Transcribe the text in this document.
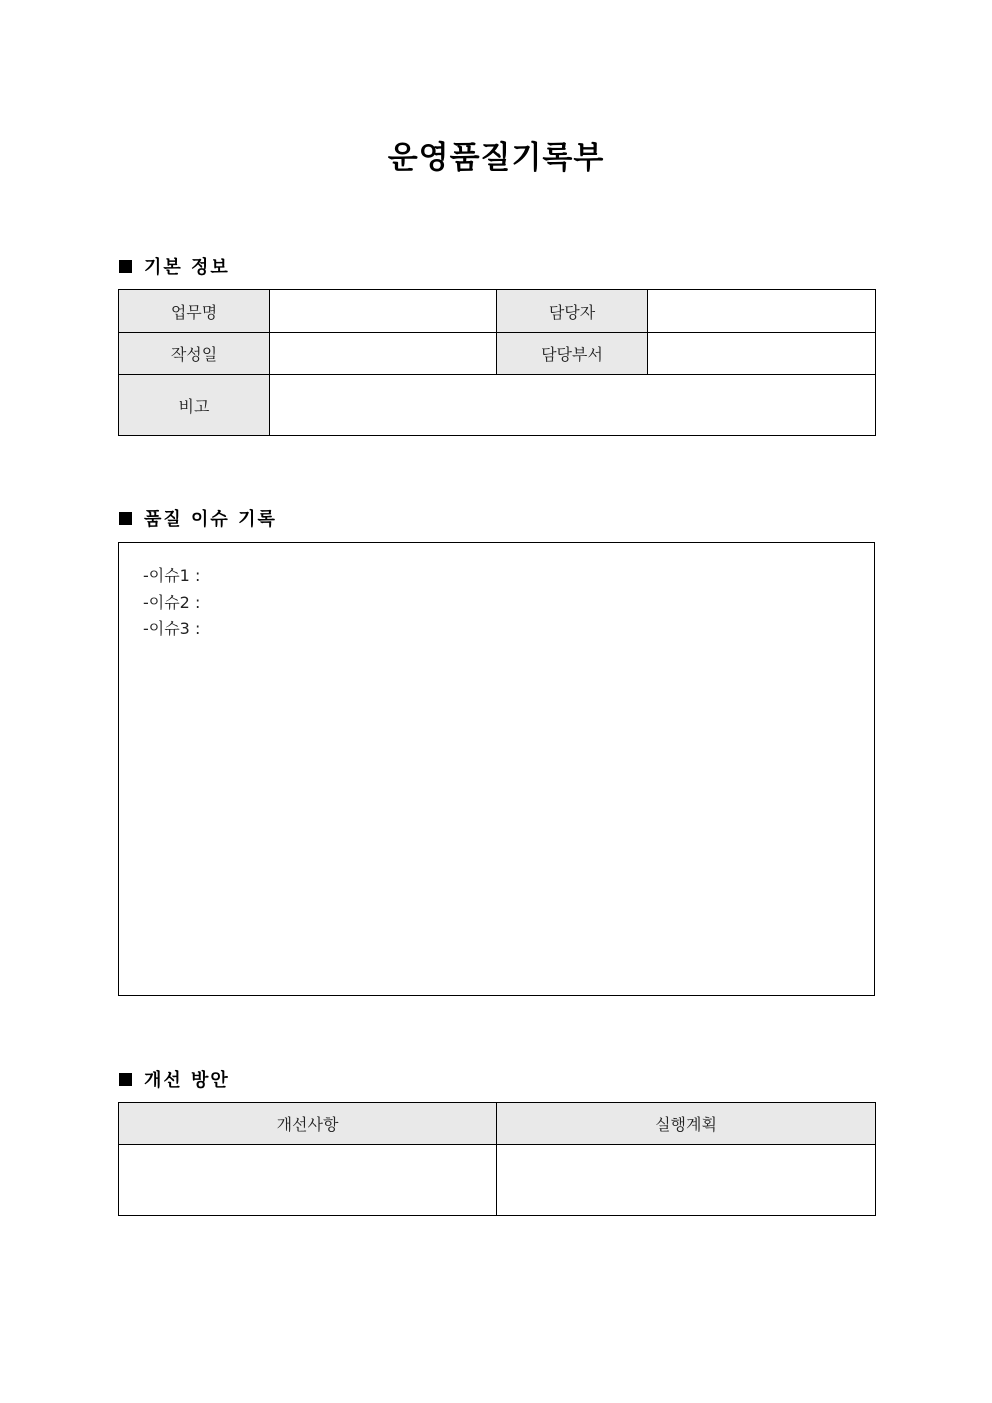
운영품질기록부
기본 정보
업무명		담당자	
작성일		담당부서	
비고			
품질 이슈 기록
-이슈1 :
-이슈2 :
-이슈3 :
개선 방안
개선사항	실행계획
